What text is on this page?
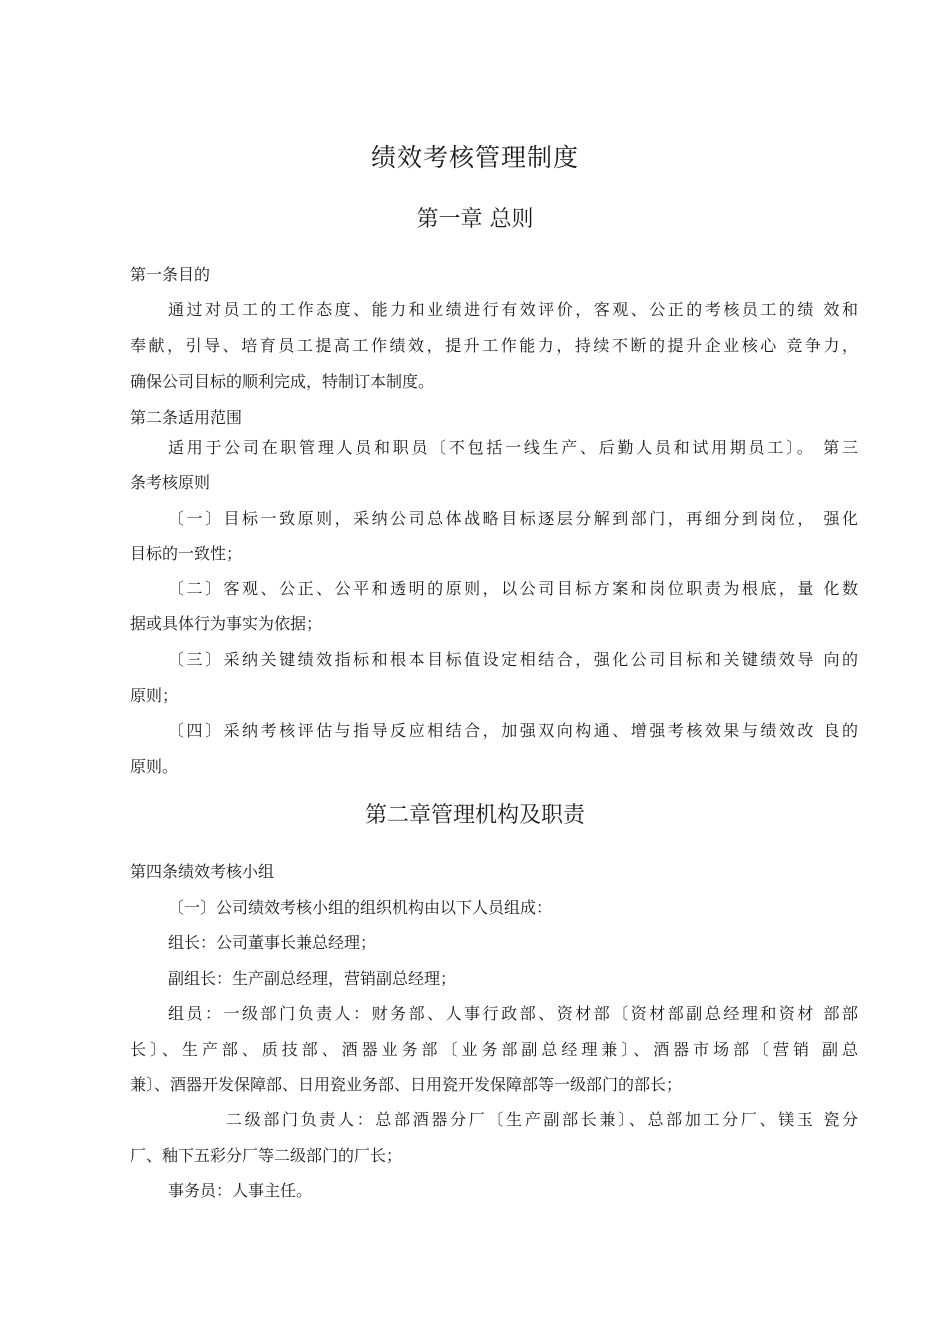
绩效考核管理制度
第一章 总则
第一条目的
通过对员工的工作态度、能力和业绩进行有效评价，客观、公正的考核员工的绩 效和
奉献，引导、培育员工提高工作绩效，提升工作能力，持续不断的提升企业核心 竞争力，
确保公司目标的顺利完成，特制订本制度。
第二条适用范围
适用于公司在职管理人员和职员〔不包括一线生产、后勤人员和试用期员工〕。 第三
条考核原则
〔一〕目标一致原则，采纳公司总体战略目标逐层分解到部门，再细分到岗位， 强化
目标的一致性；
〔二〕客观、公正、公平和透明的原则，以公司目标方案和岗位职责为根底，量 化数
据或具体行为事实为依据；
〔三〕采纳关键绩效指标和根本目标值设定相结合，强化公司目标和关键绩效导 向的
原则；
〔四〕采纳考核评估与指导反应相结合，加强双向构通、增强考核效果与绩效改 良的
原则。
第二章管理机构及职责
第四条绩效考核小组
〔一〕公司绩效考核小组的组织机构由以下人员组成：
组长：公司董事长兼总经理；
副组长：生产副总经理，营销副总经理；
组员：一级部门负责人：财务部、人事行政部、资材部〔资材部副总经理和资材 部部
长〕、生产部、质技部、酒器业务部〔业务部副总经理兼〕、酒器市场部〔营销 副总
兼〕、酒器开发保障部、日用瓷业务部、日用瓷开发保障部等一级部门的部长；
二级部门负责人：总部酒器分厂〔生产副部长兼〕、总部加工分厂、镁玉 瓷分
厂、釉下五彩分厂等二级部门的厂长；
事务员：人事主任。
